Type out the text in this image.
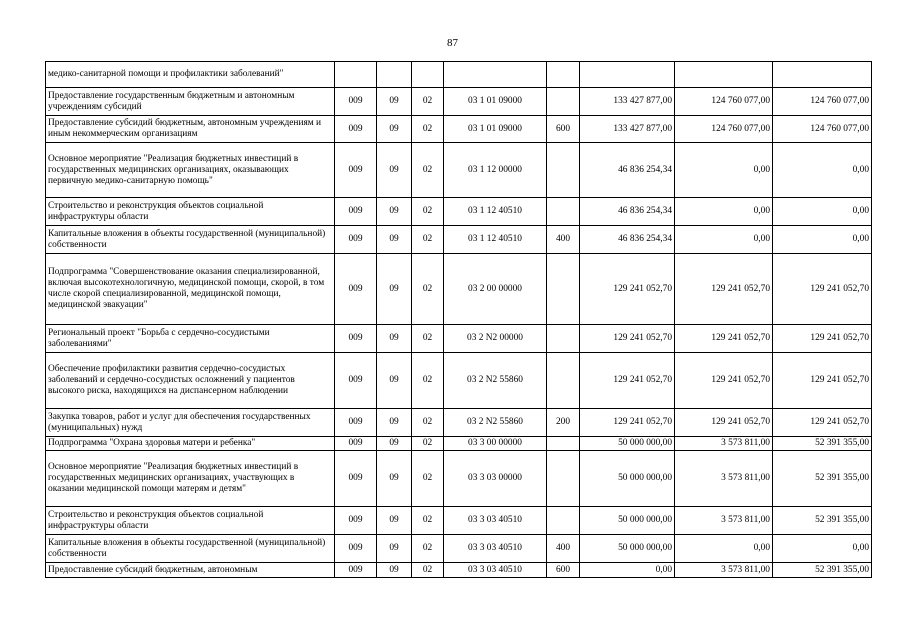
87
медико-санитарной помощи и профилактики заболеваний"								
Предоставление государственным бюджетным и автономным учреждениям субсидий	009	09	02	03 1 01 09000		133 427 877,00	124 760 077,00	124 760 077,00
Предоставление субсидий бюджетным, автономным учреждениям и иным некоммерческим организациям	009	09	02	03 1 01 09000	600	133 427 877,00	124 760 077,00	124 760 077,00
Основное мероприятие "Реализация бюджетных инвестиций в государственных медицинских организациях, оказывающих первичную медико-санитарную помощь"	009	09	02	03 1 12 00000		46 836 254,34	0,00	0,00
Строительство и реконструкция объектов социальной инфраструктуры области	009	09	02	03 1 12 40510		46 836 254,34	0,00	0,00
Капитальные вложения в объекты государственной (муниципальной) собственности	009	09	02	03 1 12 40510	400	46 836 254,34	0,00	0,00
Подпрограмма "Совершенствование оказания специализированной, включая высокотехнологичную, медицинской помощи, скорой, в том числе скорой специализированной, медицинской помощи, медицинской эвакуации"	009	09	02	03 2 00 00000		129 241 052,70	129 241 052,70	129 241 052,70
Региональный проект "Борьба с сердечно-сосудистыми заболеваниями"	009	09	02	03 2 N2 00000		129 241 052,70	129 241 052,70	129 241 052,70
Обеспечение профилактики развития сердечно-сосудистых заболеваний и сердечно-сосудистых осложнений у пациентов высокого риска, находящихся на диспансерном наблюдении	009	09	02	03 2 N2 55860		129 241 052,70	129 241 052,70	129 241 052,70
Закупка товаров, работ и услуг для обеспечения государственных (муниципальных) нужд	009	09	02	03 2 N2 55860	200	129 241 052,70	129 241 052,70	129 241 052,70
Подпрограмма "Охрана здоровья матери и ребенка"	009	09	02	03 3 00 00000		50 000 000,00	3 573 811,00	52 391 355,00
Основное мероприятие "Реализация бюджетных инвестиций в государственных медицинских организациях, участвующих в оказании медицинской помощи матерям и детям"	009	09	02	03 3 03 00000		50 000 000,00	3 573 811,00	52 391 355,00
Строительство и реконструкция объектов социальной инфраструктуры области	009	09	02	03 3 03 40510		50 000 000,00	3 573 811,00	52 391 355,00
Капитальные вложения в объекты государственной (муниципальной) собственности	009	09	02	03 3 03 40510	400	50 000 000,00	0,00	0,00
Предоставление субсидий бюджетным, автономным	009	09	02	03 3 03 40510	600	0,00	3 573 811,00	52 391 355,00
